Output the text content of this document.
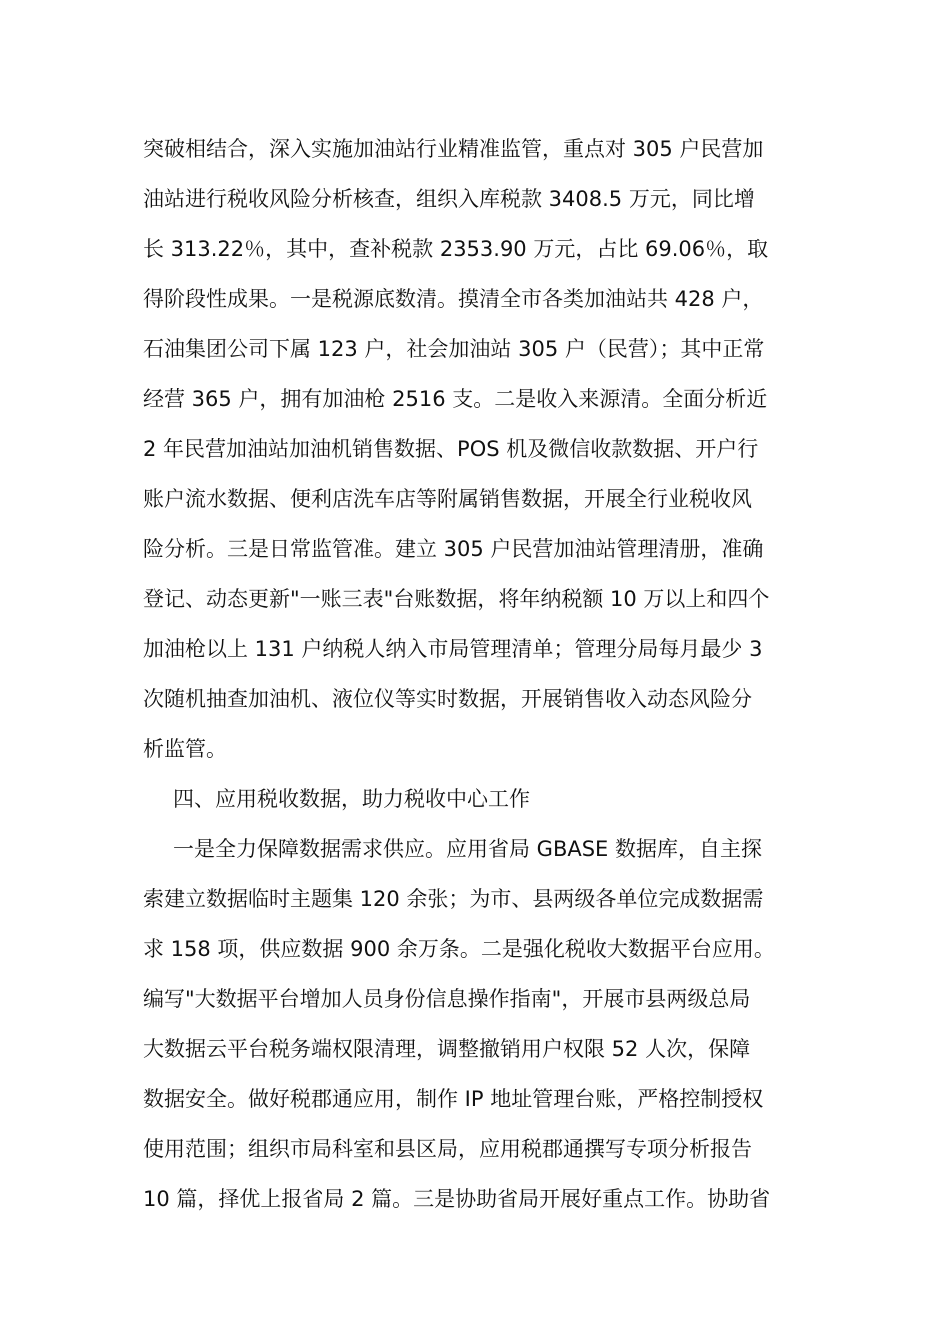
突破相结合，深入实施加油站行业精准监管，重点对 305 户民营加
油站进行税收风险分析核查，组织入库税款 3408.5 万元，同比增
长 313.22％，其中，查补税款 2353.90 万元，占比 69.06％，取
得阶段性成果。一是税源底数清。摸清全市各类加油站共 428 户，
石油集团公司下属 123 户，社会加油站 305 户（民营）；其中正常
经营 365 户，拥有加油枪 2516 支。二是收入来源清。全面分析近
2 年民营加油站加油机销售数据、POS 机及微信收款数据、开户行
账户流水数据、便利店洗车店等附属销售数据，开展全行业税收风
险分析。三是日常监管准。建立 305 户民营加油站管理清册，准确
登记、动态更新"一账三表"台账数据，将年纳税额 10 万以上和四个
加油枪以上 131 户纳税人纳入市局管理清单；管理分局每月最少 3
次随机抽查加油机、液位仪等实时数据，开展销售收入动态风险分
析监管。
四、应用税收数据，助力税收中心工作
一是全力保障数据需求供应。应用省局 GBASE 数据库，自主探
索建立数据临时主题集 120 余张；为市、县两级各单位完成数据需
求 158 项，供应数据 900 余万条。二是强化税收大数据平台应用。
编写"大数据平台增加人员身份信息操作指南"，开展市县两级总局
大数据云平台税务端权限清理，调整撤销用户权限 52 人次，保障
数据安全。做好税郡通应用，制作 IP 地址管理台账，严格控制授权
使用范围；组织市局科室和县区局，应用税郡通撰写专项分析报告
10 篇，择优上报省局 2 篇。三是协助省局开展好重点工作。协助省
